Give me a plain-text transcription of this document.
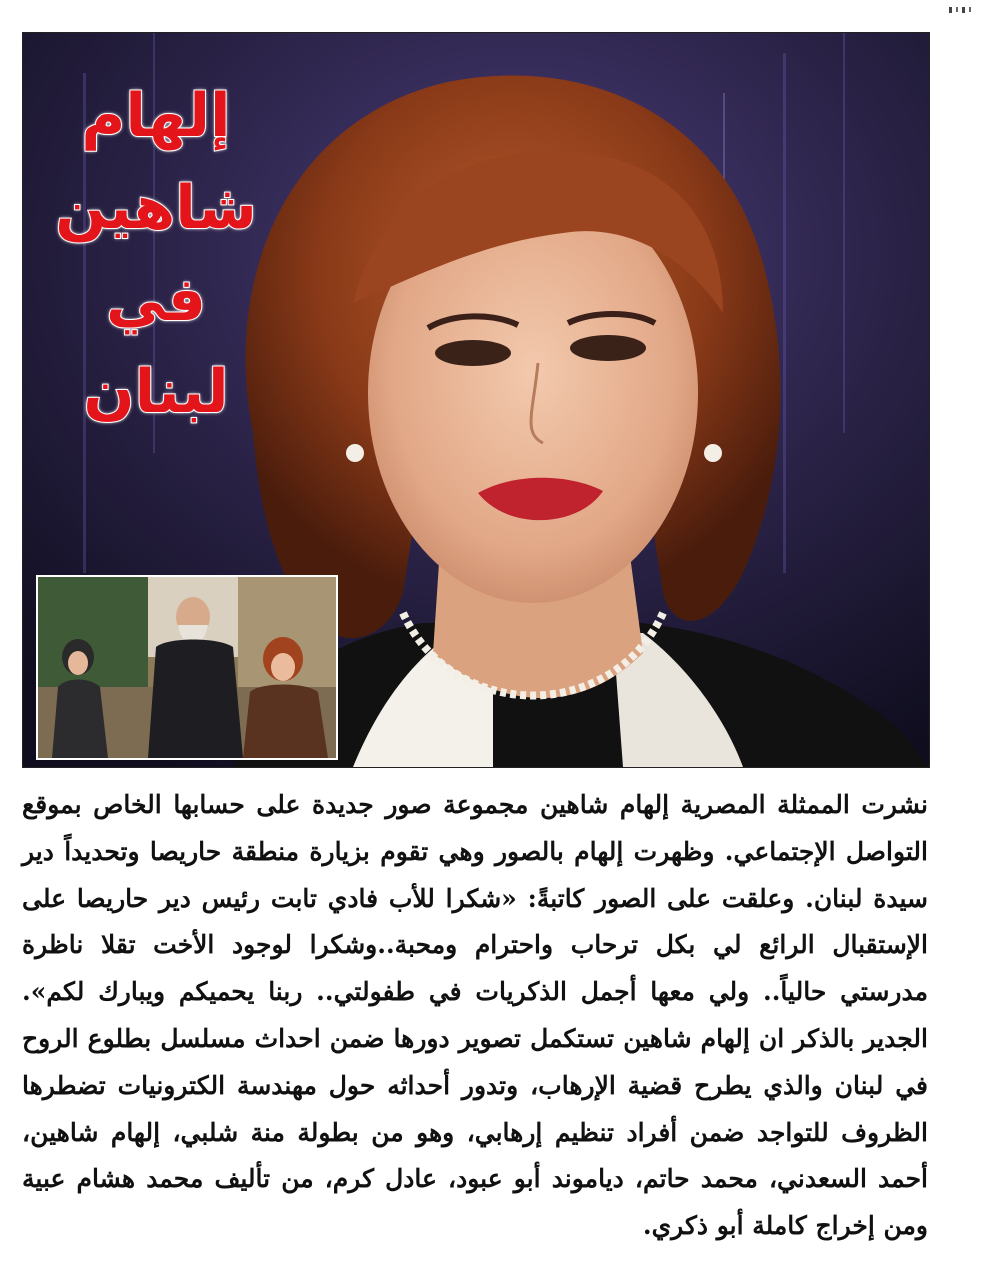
إلهام
شاهين
في لبنان

نشرت الممثلة المصرية إلهام شاهين مجموعة صور جديدة على حسابها الخاص بموقع التواصل الإجتماعي. وظهرت إلهام بالصور وهي تقوم بزيارة منطقة حاريصا وتحديداً دير سيدة لبنان. وعلقت على الصور كاتبةً: «شكرا للأب فادي تابت رئيس دير حاريصا على الإستقبال الرائع لي بكل ترحاب واحترام ومحبة..وشكرا لوجود الأخت تقلا ناظرة مدرستي حالياً.. ولي معها أجمل الذكريات في طفولتي.. ربنا يحميكم ويبارك لكم». الجدير بالذكر ان إلهام شاهين تستكمل تصوير دورها ضمن احداث مسلسل بطلوع الروح في لبنان والذي يطرح قضية الإرهاب، وتدور أحداثه حول مهندسة الكترونيات تضطرها الظروف للتواجد ضمن أفراد تنظيم إرهابي، وهو من بطولة منة شلبي، إلهام شاهين، أحمد السعدني، محمد حاتم، دياموند أبو عبود، عادل كرم، من تأليف محمد هشام عبية ومن إخراج كاملة أبو ذكري.
